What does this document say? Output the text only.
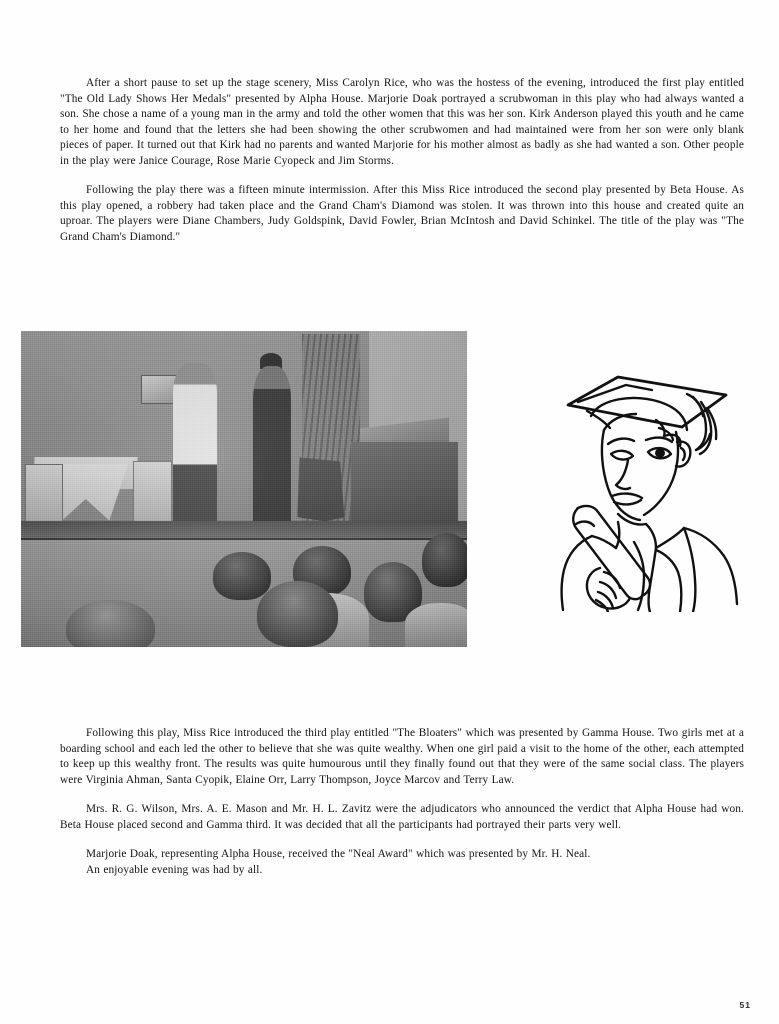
After a short pause to set up the stage scenery, Miss Carolyn Rice, who was the hostess of the evening, introduced the first play entitled "The Old Lady Shows Her Medals" presented by Alpha House. Marjorie Doak portrayed a scrubwoman in this play who had always wanted a son. She chose a name of a young man in the army and told the other women that this was her son. Kirk Anderson played this youth and he came to her home and found that the letters she had been showing the other scrubwomen and had maintained were from her son were only blank pieces of paper. It turned out that Kirk had no parents and wanted Marjorie for his mother almost as badly as she had wanted a son. Other people in the play were Janice Courage, Rose Marie Cyopeck and Jim Storms.

Following the play there was a fifteen minute intermission. After this Miss Rice introduced the second play presented by Beta House. As this play opened, a robbery had taken place and the Grand Cham's Diamond was stolen. It was thrown into this house and created quite an uproar. The players were Diane Chambers, Judy Goldspink, David Fowler, Brian McIntosh and David Schinkel. The title of the play was "The Grand Cham's Diamond."

Following this play, Miss Rice introduced the third play entitled "The Bloaters" which was presented by Gamma House. Two girls met at a boarding school and each led the other to believe that she was quite wealthy. When one girl paid a visit to the home of the other, each attempted to keep up this wealthy front. The results was quite humourous until they finally found out that they were of the same social class. The players were Virginia Ahman, Santa Cyopik, Elaine Orr, Larry Thompson, Joyce Marcov and Terry Law.

Mrs. R. G. Wilson, Mrs. A. E. Mason and Mr. H. L. Zavitz were the adjudicators who announced the verdict that Alpha House had won. Beta House placed second and Gamma third. It was decided that all the participants had portrayed their parts very well.

Marjorie Doak, representing Alpha House, received the "Neal Award" which was presented by Mr. H. Neal.

An enjoyable evening was had by all.

51
